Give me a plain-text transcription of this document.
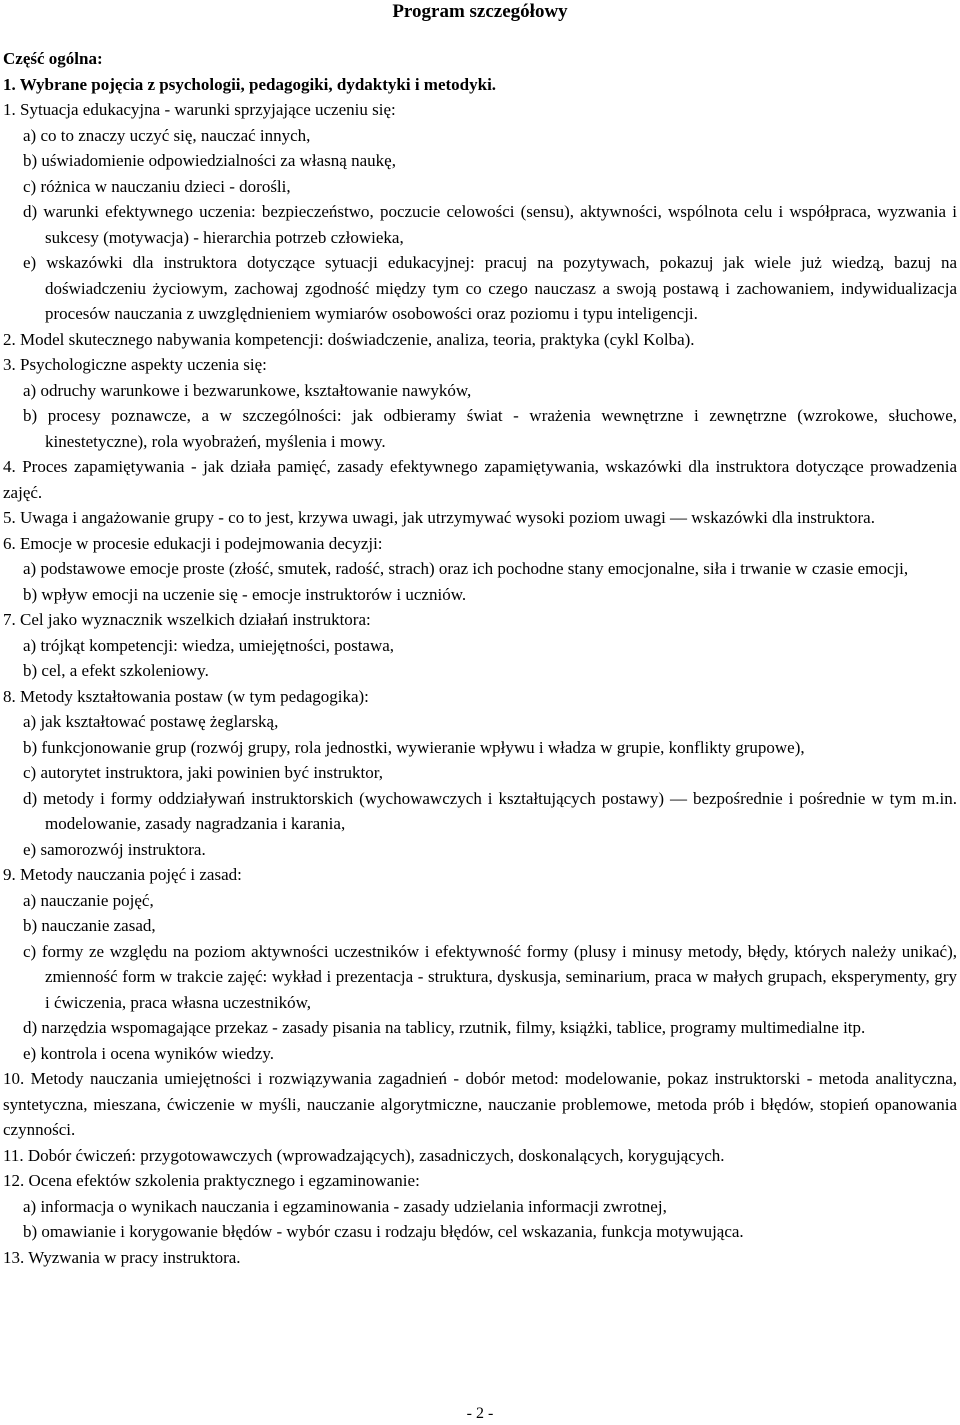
Program szczegółowy

Część ogólna:

1. Wybrane pojęcia z psychologii, pedagogiki, dydaktyki i metodyki.

1. Sytuacja edukacyjna - warunki sprzyjające uczeniu się:

a) co to znaczy uczyć się, nauczać innych,

b) uświadomienie odpowiedzialności za własną naukę,

c) różnica w nauczaniu dzieci - dorośli,

d) warunki efektywnego uczenia: bezpieczeństwo, poczucie celowości (sensu), aktywności, wspólnota celu i współpraca, wyzwania i sukcesy (motywacja) - hierarchia potrzeb człowieka,

e) wskazówki dla instruktora dotyczące sytuacji edukacyjnej: pracuj na pozytywach, pokazuj jak wiele już wiedzą, bazuj na doświadczeniu życiowym, zachowaj zgodność między tym co czego nauczasz a swoją postawą i zachowaniem, indywidualizacja procesów nauczania z uwzględnieniem wymiarów osobowości oraz poziomu i typu inteligencji.

2. Model skutecznego nabywania kompetencji: doświadczenie, analiza, teoria, praktyka (cykl Kolba).

3. Psychologiczne aspekty uczenia się:

a) odruchy warunkowe i bezwarunkowe, kształtowanie nawyków,

b) procesy poznawcze, a w szczególności: jak odbieramy świat - wrażenia wewnętrzne i zewnętrzne (wzrokowe, słuchowe, kinestetyczne), rola wyobrażeń, myślenia i mowy.

4. Proces zapamiętywania - jak działa pamięć, zasady efektywnego zapamiętywania, wskazówki dla instruktora dotyczące prowadzenia zajęć.

5. Uwaga i angażowanie grupy - co to jest, krzywa uwagi, jak utrzymywać wysoki poziom uwagi — wskazówki dla instruktora.

6. Emocje w procesie edukacji i podejmowania decyzji:

a) podstawowe emocje proste (złość, smutek, radość, strach) oraz ich pochodne stany emocjonalne, siła i trwanie w czasie emocji,

b) wpływ emocji na uczenie się - emocje instruktorów i uczniów.

7. Cel jako wyznacznik wszelkich działań instruktora:

a) trójkąt kompetencji: wiedza, umiejętności, postawa,

b) cel, a efekt szkoleniowy.

8. Metody kształtowania postaw (w tym pedagogika):

a) jak kształtować postawę żeglarską,

b) funkcjonowanie grup (rozwój grupy, rola jednostki, wywieranie wpływu i władza w grupie, konflikty grupowe),

c) autorytet instruktora, jaki powinien być instruktor,

d) metody i formy oddziaływań instruktorskich (wychowawczych i kształtujących postawy) — bezpośrednie i pośrednie w tym m.in. modelowanie, zasady nagradzania i karania,

e) samorozwój instruktora.

9. Metody nauczania pojęć i zasad:

a) nauczanie pojęć,

b) nauczanie zasad,

c) formy ze względu na poziom aktywności uczestników i efektywność formy (plusy i minusy metody, błędy, których należy unikać), zmienność form w trakcie zajęć: wykład i prezentacja - struktura, dyskusja, seminarium, praca w małych grupach, eksperymenty, gry i ćwiczenia, praca własna uczestników,

d) narzędzia wspomagające przekaz - zasady pisania na tablicy, rzutnik, filmy, książki, tablice, programy multimedialne itp.

e) kontrola i ocena wyników wiedzy.

10. Metody nauczania umiejętności i rozwiązywania zagadnień - dobór metod: modelowanie, pokaz instruktorski - metoda analityczna, syntetyczna, mieszana, ćwiczenie w myśli, nauczanie algorytmiczne, nauczanie problemowe, metoda prób i błędów, stopień opanowania czynności.

11. Dobór ćwiczeń: przygotowawczych (wprowadzających), zasadniczych, doskonalących, korygujących.

12. Ocena efektów szkolenia praktycznego i egzaminowanie:

a) informacja o wynikach nauczania i egzaminowania - zasady udzielania informacji zwrotnej,

b) omawianie i korygowanie błędów - wybór czasu i rodzaju błędów, cel wskazania, funkcja motywująca.

13. Wyzwania w pracy instruktora.

- 2 -
